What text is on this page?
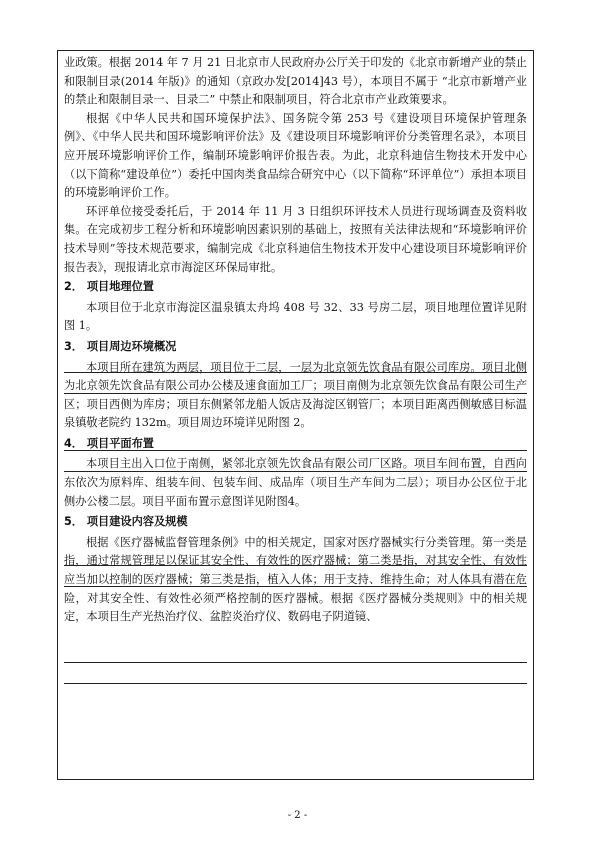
业政策。根据 2014 年 7 月 21 日北京市人民政府办公厅关于印发的《北京市新增产业的禁止和限制目录(2014 年版)》的通知（京政办发[2014]43 号），本项目不属于 “北京市新增产业的禁止和限制目录一、目录二” 中禁止和限制项目，符合北京市产业政策要求。

根据《中华人民共和国环境保护法》、国务院令第 253 号《建设项目环境保护管理条例》、《中华人民共和国环境影响评价法》及《建设项目环境影响评价分类管理名录》，本项目应开展环境影响评价工作，编制环境影响评价报告表。为此，北京科迪信生物技术开发中心（以下简称“建设单位”）委托中国肉类食品综合研究中心（以下简称“环评单位”）承担本项目的环境影响评价工作。

环评单位接受委托后，于 2014 年 11 月 3 日组织环评技术人员进行现场调查及资料收集。在完成初步工程分析和环境影响因素识别的基础上，按照有关法律法规和“环境影响评价技术导则”等技术规范要求，编制完成《北京科迪信生物技术开发中心建设项目环境影响评价报告表》，现报请北京市海淀区环保局审批。

2． 项目地理位置

本项目位于北京市海淀区温泉镇太舟坞 408 号 32、33 号房二层，项目地理位置详见附图 1。

3． 项目周边环境概况

本项目所在建筑为两层，项目位于二层，一层为北京领先饮食品有限公司库房。项目北侧为北京领先饮食品有限公司办公楼及速食面加工厂；项目南侧为北京领先饮食品有限公司生产区；项目西侧为库房；项目东侧紧邻龙船人饭店及海淀区钢管厂；本项目距离西侧敏感目标温泉镇敬老院约 132m。项目周边环境详见附图 2。

4． 项目平面布置

本项目主出入口位于南侧，紧邻北京领先饮食品有限公司厂区路。项目车间布置，自西向东依次为原料库、组装车间、包装车间、成品库（项目生产车间为二层）；项目办公区位于北侧办公楼二层。项目平面布置示意图详见附图4。

5． 项目建设内容及规模

根据《医疗器械监督管理条例》中的相关规定，国家对医疗器械实行分类管理。第一类是指，通过常规管理足以保证其安全性、有效性的医疗器械；第二类是指，对其安全性、有效性应当加以控制的医疗器械；第三类是指，植入人体；用于支持、维持生命；对人体具有潜在危险，对其安全性、有效性必须严格控制的医疗器械。根据《医疗器械分类规则》中的相关规定，本项目生产光热治疗仪、盆腔炎治疗仪、数码电子阴道镜、

- 2 -
